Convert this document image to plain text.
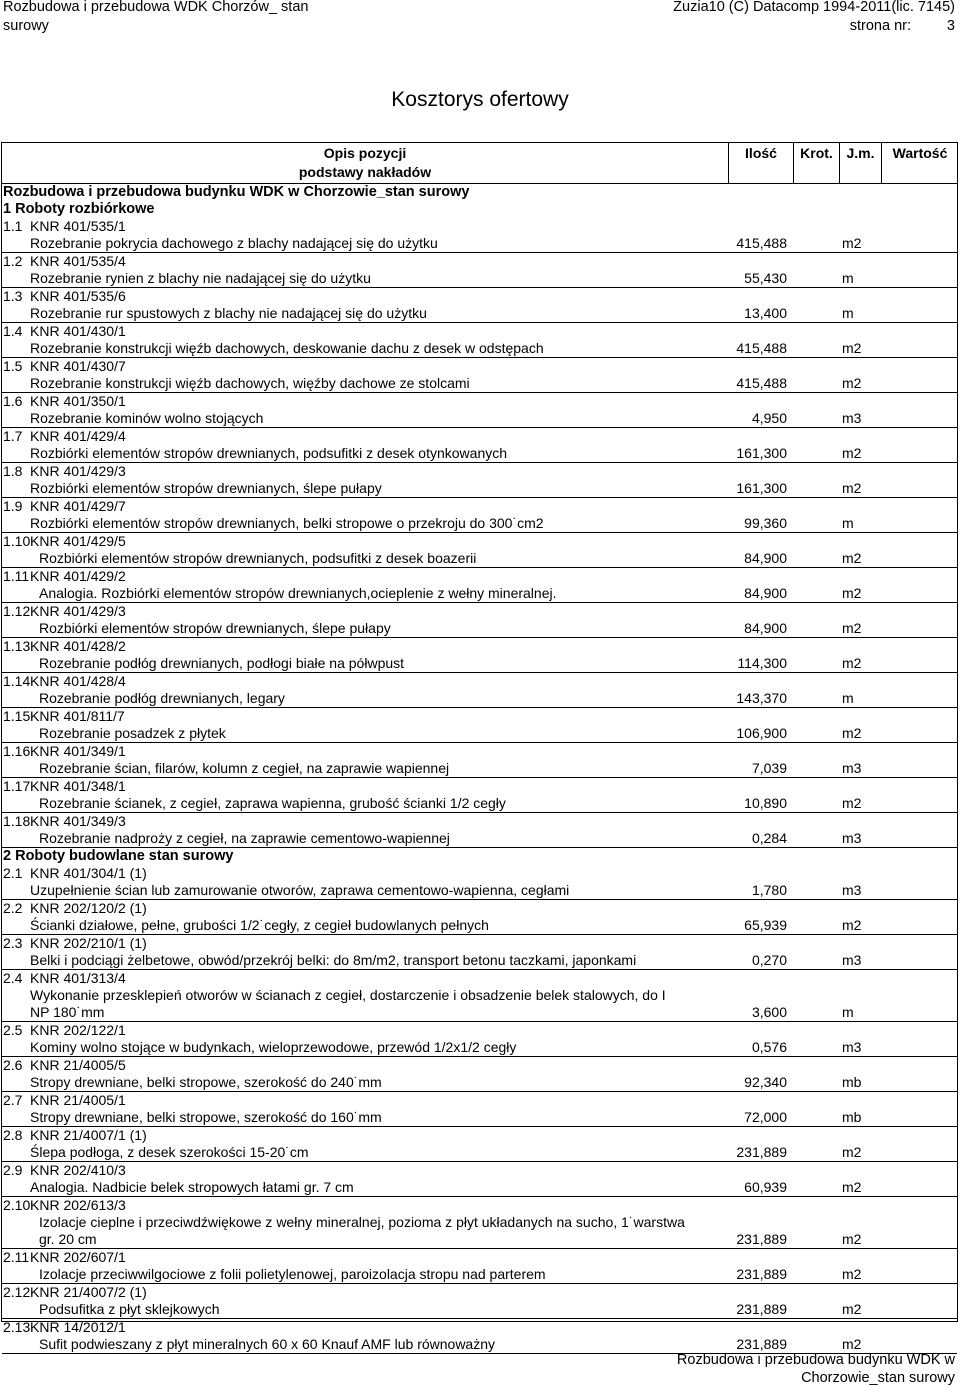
Rozbudowa i przebudowa WDK Chorzów_ stan
surowy
Zuzia10 (C) Datacomp 1994-2011(lic. 7145)
strona nr: 3
Kosztorys ofertowy
Opis pozycji
podstawy nakładów
Ilość	Krot. J.m.	Wartość
Rozbudowa i przebudowa budynku WDK w Chorzowie_stan surowy
1 Roboty rozbiórkowe
1.1 KNR 401/535/1
Rozebranie pokrycia dachowego z blachy nadającej się do użytku	415,488	m2
1.2 KNR 401/535/4
Rozebranie rynien z blachy nie nadającej się do użytku	55,430	m
1.3 KNR 401/535/6
Rozebranie rur spustowych z blachy nie nadającej się do użytku	13,400	m
1.4 KNR 401/430/1
Rozebranie konstrukcji więźb dachowych, deskowanie dachu z desek w odstępach	415,488	m2
1.5 KNR 401/430/7
Rozebranie konstrukcji więźb dachowych, więźby dachowe ze stolcami	415,488	m2
1.6 KNR 401/350/1
Rozebranie kominów wolno stojących	4,950	m3
1.7 KNR 401/429/4
Rozbiórki elementów stropów drewnianych, podsufitki z desek otynkowanych	161,300	m2
1.8 KNR 401/429/3
Rozbiórki elementów stropów drewnianych, ślepe pułapy	161,300	m2
1.9 KNR 401/429/7
Rozbiórki elementów stropów drewnianych, belki stropowe o przekroju do 300˙cm2	99,360	m
1.10 KNR 401/429/5
Rozbiórki elementów stropów drewnianych, podsufitki z desek boazerii	84,900	m2
1.11 KNR 401/429/2
Analogia. Rozbiórki elementów stropów drewnianych,ocieplenie z wełny mineralnej.	84,900	m2
1.12 KNR 401/429/3
Rozbiórki elementów stropów drewnianych, ślepe pułapy	84,900	m2
1.13 KNR 401/428/2
Rozebranie podłóg drewnianych, podłogi białe na półwpust	114,300	m2
1.14 KNR 401/428/4
Rozebranie podłóg drewnianych, legary	143,370	m
1.15 KNR 401/811/7
Rozebranie posadzek z płytek	106,900	m2
1.16 KNR 401/349/1
Rozebranie ścian, filarów, kolumn z cegieł, na zaprawie wapiennej	7,039	m3
1.17 KNR 401/348/1
Rozebranie ścianek, z cegieł, zaprawa wapienna, grubość ścianki 1/2 cegły	10,890	m2
1.18 KNR 401/349/3
Rozebranie nadproży z cegieł, na zaprawie cementowo-wapiennej	0,284	m3
2 Roboty budowlane stan surowy
2.1 KNR 401/304/1 (1)
Uzupełnienie ścian lub zamurowanie otworów, zaprawa cementowo-wapienna, cegłami	1,780	m3
2.2 KNR 202/120/2 (1)
Ścianki działowe, pełne, grubości 1/2˙cegły, z cegieł budowlanych pełnych	65,939	m2
2.3 KNR 202/210/1 (1)
Belki i podciągi żelbetowe, obwód/przekrój belki: do 8m/m2, transport betonu taczkami, japonkami	0,270	m3
2.4 KNR 401/313/4
Wykonanie przesklepień otworów w ścianach z cegieł, dostarczenie i obsadzenie belek stalowych, do I
NP 180˙mm	3,600	m
2.5 KNR 202/122/1
Kominy wolno stojące w budynkach, wieloprzewodowe, przewód 1/2x1/2 cegły	0,576	m3
2.6 KNR 21/4005/5
Stropy drewniane, belki stropowe, szerokość do 240˙mm	92,340	mb
2.7 KNR 21/4005/1
Stropy drewniane, belki stropowe, szerokość do 160˙mm	72,000	mb
2.8 KNR 21/4007/1 (1)
Ślepa podłoga, z desek szerokości 15-20˙cm	231,889	m2
2.9 KNR 202/410/3
Analogia. Nadbicie belek stropowych łatami gr. 7 cm	60,939	m2
2.10 KNR 202/613/3
Izolacje cieplne i przeciwdźwiękowe z wełny mineralnej, pozioma z płyt układanych na sucho, 1˙warstwa
gr. 20 cm	231,889	m2
2.11 KNR 202/607/1
Izolacje przeciwwilgociowe z folii polietylenowej, paroizolacja stropu nad parterem	231,889	m2
2.12 KNR 21/4007/2 (1)
Podsufitka z płyt sklejkowych	231,889	m2
2.13 KNR 14/2012/1
Sufit podwieszany z płyt mineralnych 60 x 60 Knauf AMF lub równoważny	231,889	m2
Rozbudowa i przebudowa budynku WDK w
Chorzowie_stan surowy
